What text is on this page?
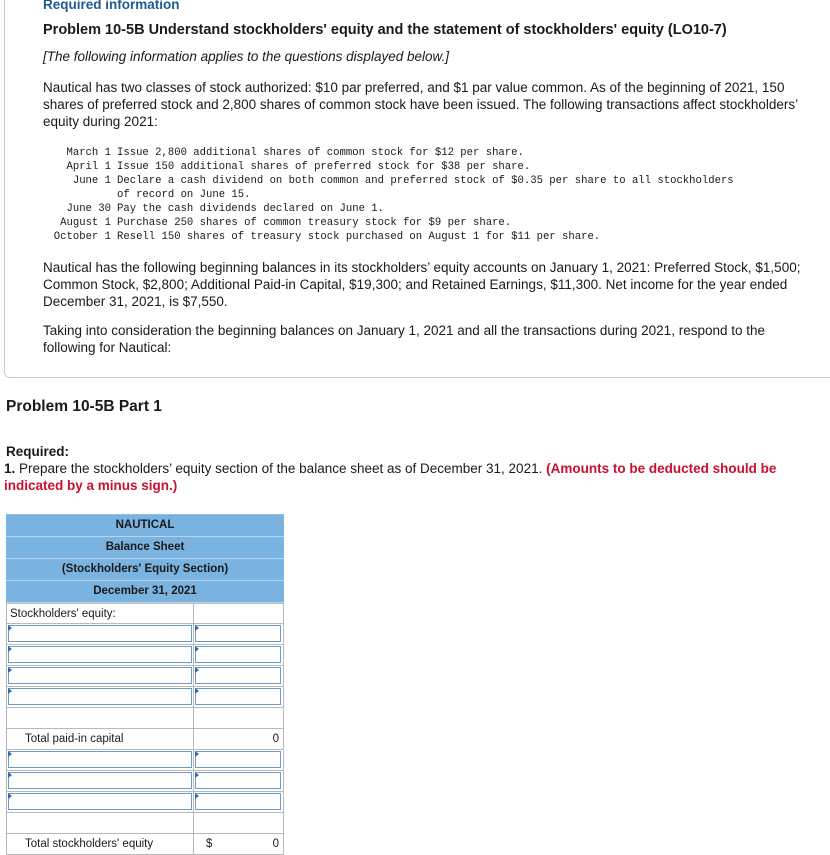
Required information
Problem 10-5B Understand stockholders' equity and the statement of stockholders' equity (LO10-7)
[The following information applies to the questions displayed below.]
Nautical has two classes of stock authorized: $10 par preferred, and $1 par value common. As of the beginning of 2021, 150 shares of preferred stock and 2,800 shares of common stock have been issued. The following transactions affect stockholders’ equity during 2021:
March 1 Issue 2,800 additional shares of common stock for $12 per share.
April 1 Issue 150 additional shares of preferred stock for $38 per share.
June 1 Declare a cash dividend on both common and preferred stock of $0.35 per share to all stockholders
of record on June 15.
June 30 Pay the cash dividends declared on June 1.
August 1 Purchase 250 shares of common treasury stock for $9 per share.
October 1 Resell 150 shares of treasury stock purchased on August 1 for $11 per share.
Nautical has the following beginning balances in its stockholders’ equity accounts on January 1, 2021: Preferred Stock, $1,500; Common Stock, $2,800; Additional Paid-in Capital, $19,300; and Retained Earnings, $11,300. Net income for the year ended December 31, 2021, is $7,550.
Taking into consideration the beginning balances on January 1, 2021 and all the transactions during 2021, respond to the following for Nautical:
Problem 10-5B Part 1
Required:
1. Prepare the stockholders’ equity section of the balance sheet as of December 31, 2021. (Amounts to be deducted should be indicated by a minus sign.)
NAUTICAL
Balance Sheet
(Stockholders' Equity Section)
December 31, 2021
Stockholders' equity:
Total paid-in capital	0
Total stockholders' equity	$	0
